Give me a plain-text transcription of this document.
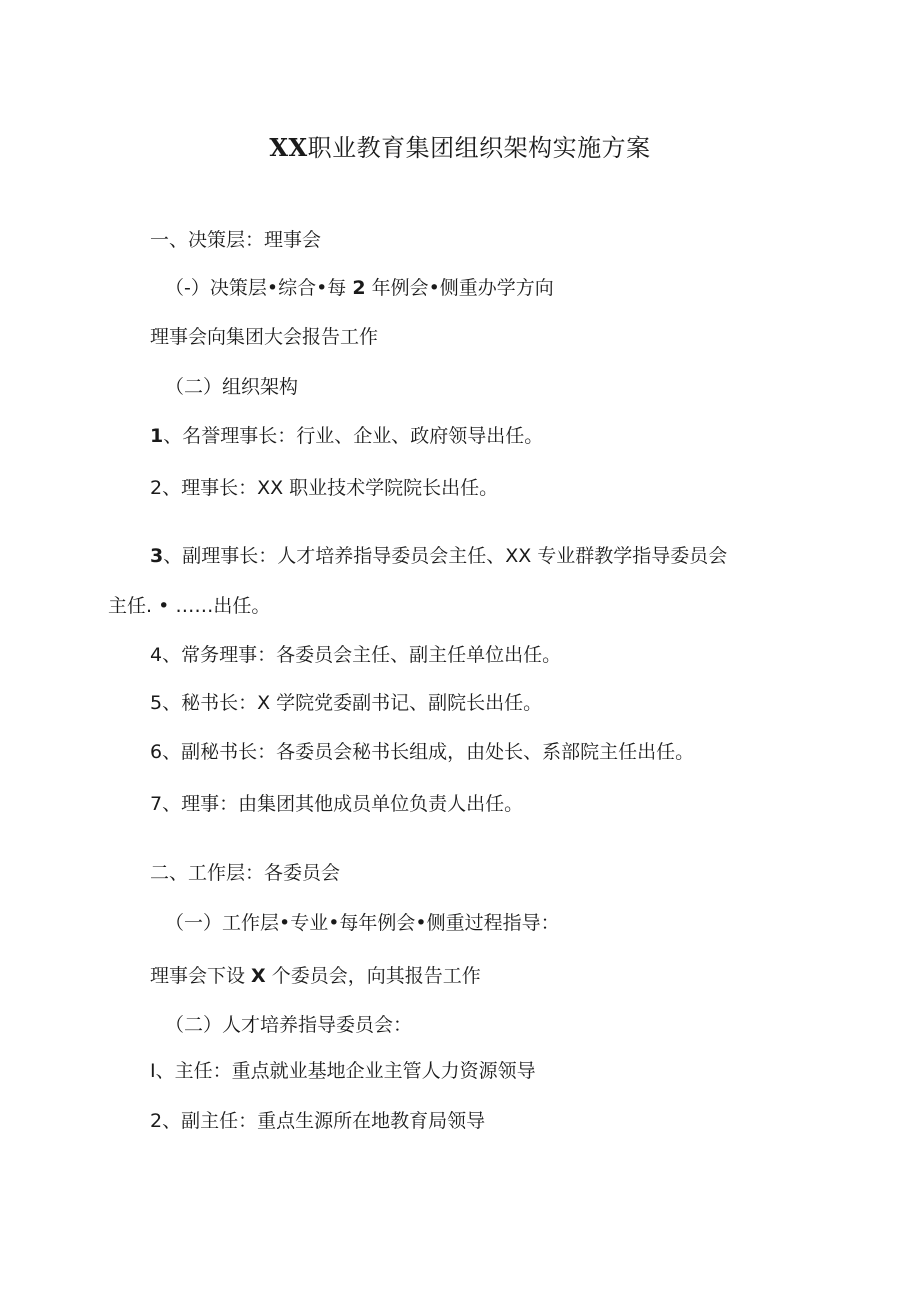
XX职业教育集团组织架构实施方案
一、决策层：理事会
（-）决策层•综合•每 2 年例会•侧重办学方向
理事会向集团大会报告工作
（二）组织架构
1、名誉理事长：行业、企业、政府领导出任。
2、理事长：XX 职业技术学院院长出任。
3、副理事长：人才培养指导委员会主任、XX 专业群教学指导委员会
主任. • ……出任。
4、常务理事：各委员会主任、副主任单位出任。
5、秘书长：X 学院党委副书记、副院长出任。
6、副秘书长：各委员会秘书长组成，由处长、系部院主任出任。
7、理事：由集团其他成员单位负责人出任。
二、工作层：各委员会
（一）工作层•专业•每年例会•侧重过程指导：
理事会下设 X 个委员会，向其报告工作
（二）人才培养指导委员会：
I、主任：重点就业基地企业主管人力资源领导
2、副主任：重点生源所在地教育局领导
